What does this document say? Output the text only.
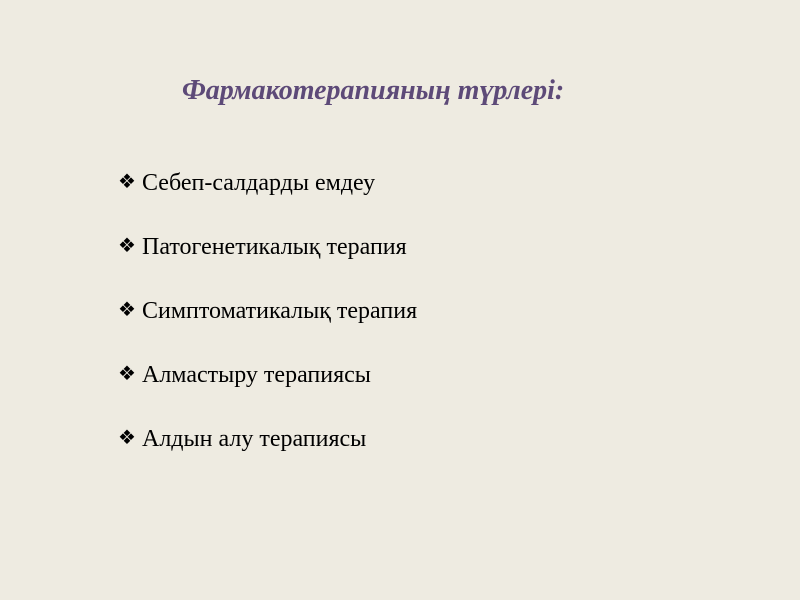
Фармакотерапияның түрлері:
❖ Себеп-салдарды емдеу
❖ Патогенетикалық терапия
❖ Симптоматикалық терапия
❖ Алмастыру терапиясы
❖ Алдын алу терапиясы
